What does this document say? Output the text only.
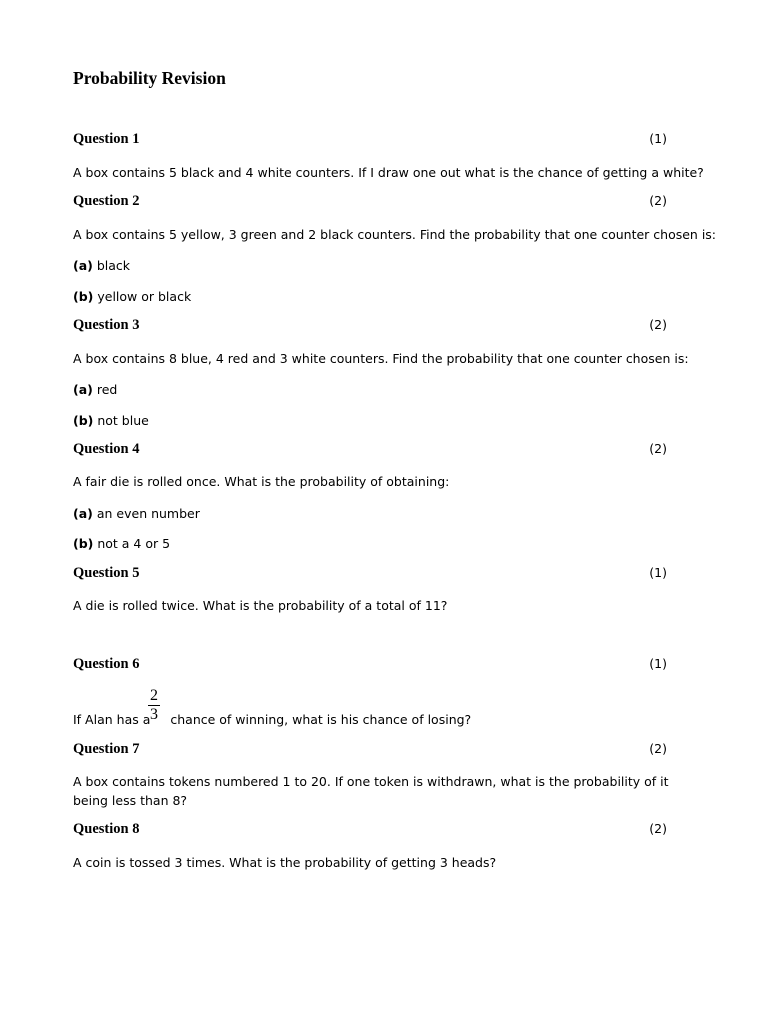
Probability Revision
Question 1	(1)
A box contains 5 black and 4 white counters. If I draw one out what is the chance of getting a white?
Question 2	(2)
A box contains 5 yellow, 3 green and 2 black counters. Find the probability that one counter chosen is:
(a) black
(b) yellow or black
Question 3	(2)
A box contains 8 blue, 4 red and 3 white counters. Find the probability that one counter chosen is:
(a) red
(b) not blue
Question 4	(2)
A fair die is rolled once. What is the probability of obtaining:
(a) an even number
(b) not a 4 or 5
Question 5	(1)
A die is rolled twice. What is the probability of a total of 11?
Question 6	(1)
2
3
If Alan has a chance of winning, what is his chance of losing?
Question 7	(2)
A box contains tokens numbered 1 to 20. If one token is withdrawn, what is the probability of it being less than 8?
Question 8	(2)
A coin is tossed 3 times. What is the probability of getting 3 heads?
